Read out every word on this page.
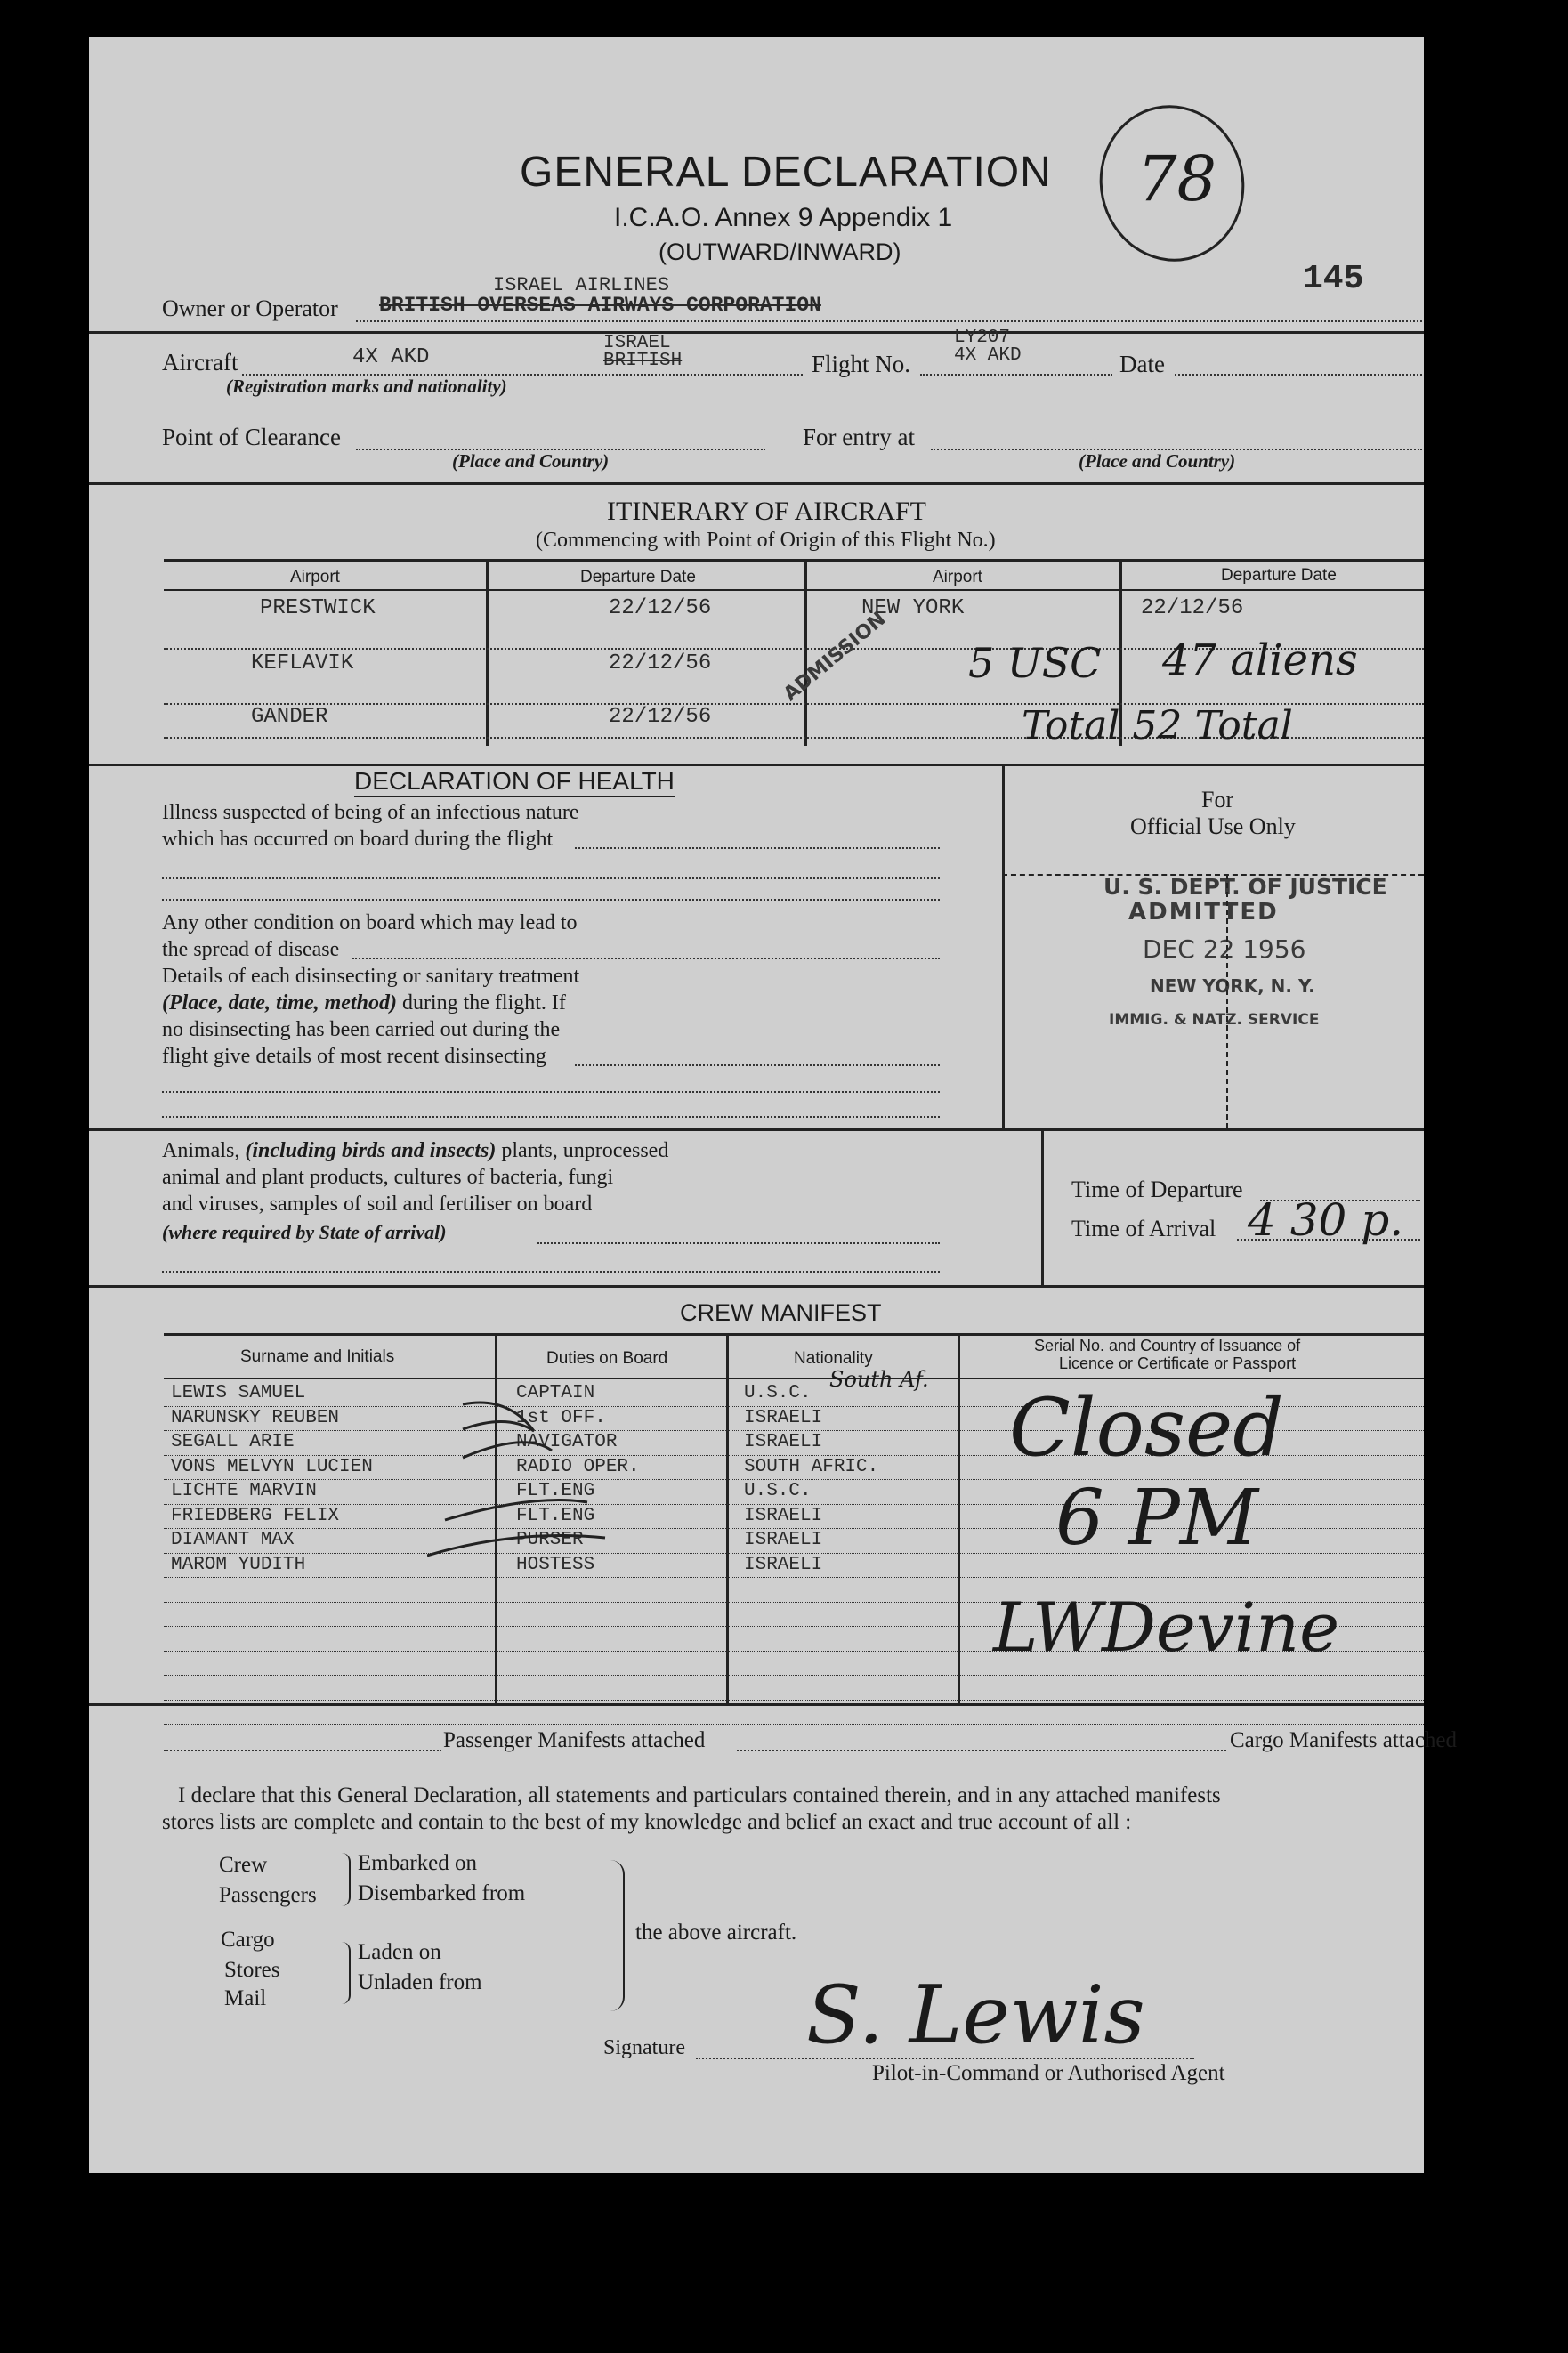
GENERAL DECLARATION
I.C.A.O. Annex 9 Appendix 1
(OUTWARD/INWARD)
78
145
Owner or Operator
ISRAEL AIRLINES
BRITISH OVERSEAS AIRWAYS CORPORATION
Aircraft	4X AKD
ISRAEL
BRITISH	Flight No.
LY207
4X AKD	Date
(Registration marks and nationality)
Point of Clearance
(Place and Country)
For entry at
(Place and Country)
ITINERARY OF AIRCRAFT
(Commencing with Point of Origin of this Flight No.)
Airport	Departure Date	Airport	Departure Date
PRESTWICK	22/12/56	NEW YORK	22/12/56
KEFLAVIK	22/12/56
GANDER	22/12/56
ADMISSION 5 USC 47 aliens
Total 52 Total
DECLARATION OF HEALTH
Illness suspected of being of an infectious nature
which has occurred on board during the flight
Any other condition on board which may lead to
the spread of disease
Details of each disinsecting or sanitary treatment
(Place, date, time, method) during the flight. If
no disinsecting has been carried out during the
flight give details of most recent disinsecting
For
Official Use Only
U. S. DEPT. OF JUSTICE
ADMITTED
DEC 22 1956
NEW YORK, N. Y.
IMMIG. & NATZ. SERVICE
Animals, (including birds and insects) plants, unprocessed
animal and plant products, cultures of bacteria, fungi
and viruses, samples of soil and fertiliser on board
(where required by State of arrival)
Time of Departure
Time of Arrival 4 30 p.
CREW MANIFEST
Surname and Initials	Duties on Board	Nationality
Serial No. and Country of Issuance of
Licence or Certificate or Passport
LEWIS SAMUEL	CAPTAIN	U.S.C.
NARUNSKY REUBEN	1st OFF.	ISRAELI
SEGALL ARIE	NAVIGATOR	ISRAELI
VONS MELVYN LUCIEN	RADIO OPER.	SOUTH AFRIC.
LICHTE MARVIN	FLT.ENG	U.S.C.
FRIEDBERG FELIX	FLT.ENG	ISRAELI
DIAMANT MAX	PURSER	ISRAELI
MAROM YUDITH	HOSTESS	ISRAELI
South Af.
Closed
6 PM
LWDevine
Passenger Manifests attached	Cargo Manifests attached
I declare that this General Declaration, all statements and particulars contained therein, and in any attached manifests
stores lists are complete and contain to the best of my knowledge and belief an exact and true account of all :
Crew
Passengers
Embarked on
Disembarked from
Cargo
Stores
Mail
Laden on
Unladen from
the above aircraft.
Signature S. Lewis
Pilot-in-Command or Authorised Agent
